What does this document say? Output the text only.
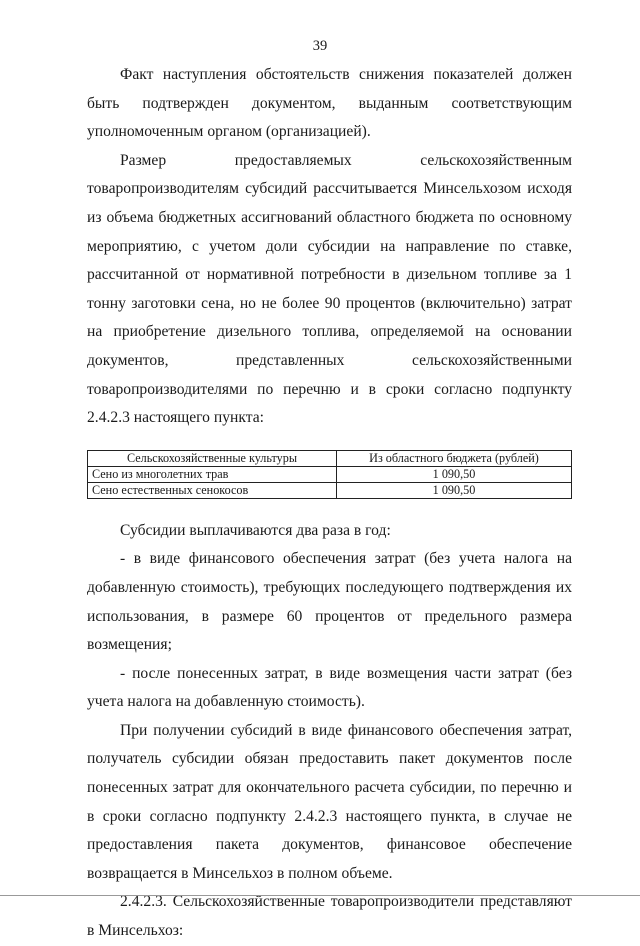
39

Факт наступления обстоятельств снижения показателей должен быть подтвержден документом, выданным соответствующим уполномоченным органом (организацией).

Размер предоставляемых сельскохозяйственным товаропроизводителям субсидий рассчитывается Минсельхозом исходя из объема бюджетных ассигнований областного бюджета по основному мероприятию, с учетом доли субсидии на направление по ставке, рассчитанной от нормативной потребности в дизельном топливе за 1 тонну заготовки сена, но не более 90 процентов (включительно) затрат на приобретение дизельного топлива, определяемой на основании документов, представленных сельскохозяйственными товаропроизводителями по перечню и в сроки согласно подпункту 2.4.2.3 настоящего пункта:

Сельскохозяйственные культуры	Из областного бюджета (рублей)
Сено из многолетних трав	1 090,50
Сено естественных сенокосов	1 090,50

Субсидии выплачиваются два раза в год:

- в виде финансового обеспечения затрат (без учета налога на добавленную стоимость), требующих последующего подтверждения их использования, в размере 60 процентов от предельного размера возмещения;

- после понесенных затрат, в виде возмещения части затрат (без учета налога на добавленную стоимость).

При получении субсидий в виде финансового обеспечения затрат, получатель субсидии обязан предоставить пакет документов после понесенных затрат для окончательного расчета субсидии, по перечню и в сроки согласно подпункту 2.4.2.3 настоящего пункта, в случае не предоставления пакета документов, финансовое обеспечение возвращается в Минсельхоз в полном объеме.

2.4.2.3. Сельскохозяйственные товаропроизводители представляют в Минсельхоз:
